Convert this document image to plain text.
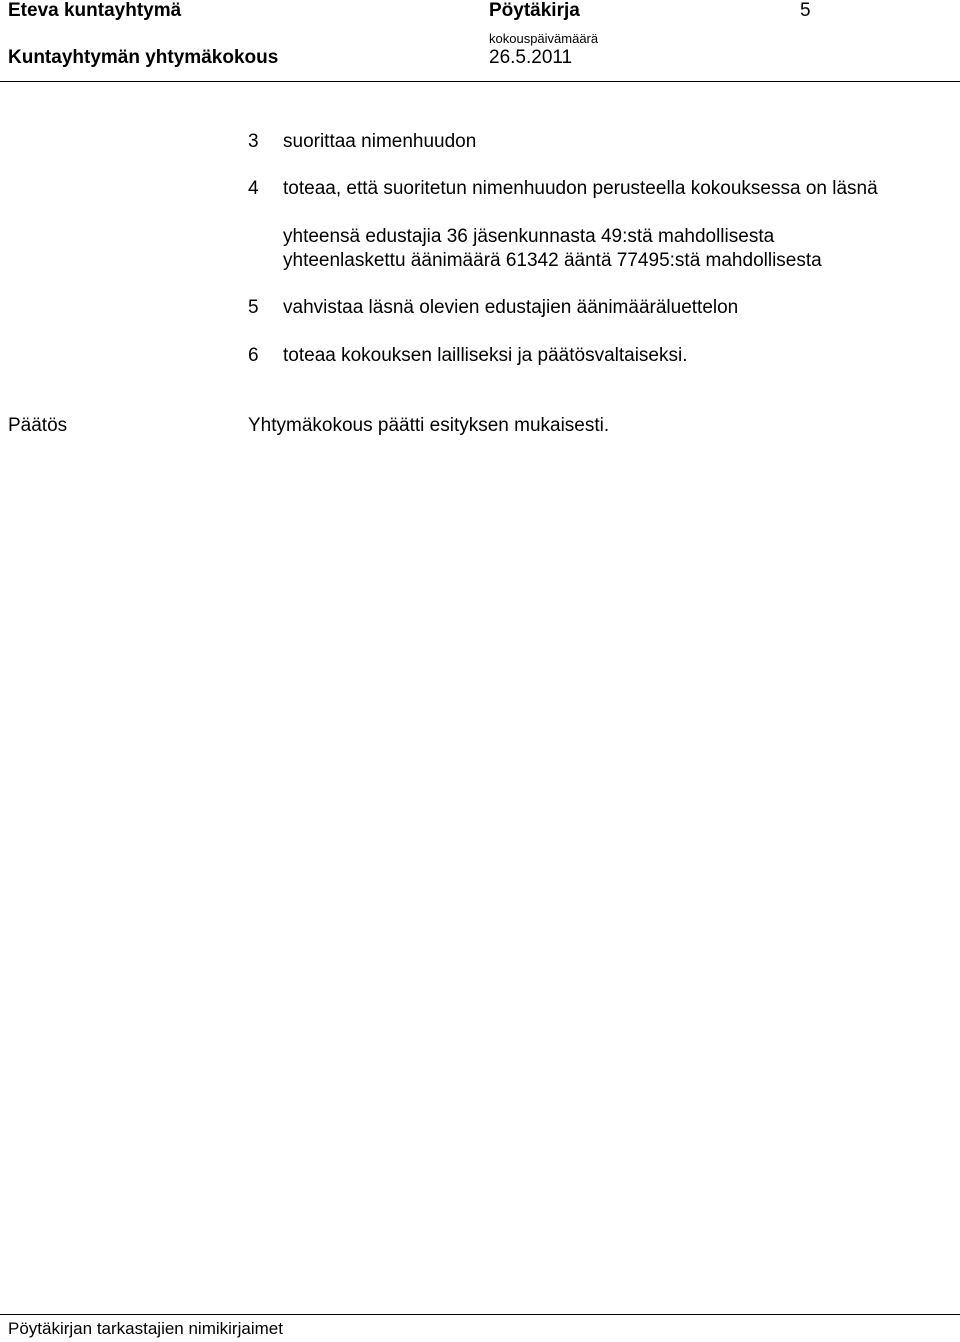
Eteva kuntayhtymä	Pöytäkirja	5
Kuntayhtymän yhtymäkokous
kokouspäivämäärä
26.5.2011
3 suorittaa nimenhuudon
4 toteaa, että suoritetun nimenhuudon perusteella kokouksessa on läsnä
yhteensä edustajia 36 jäsenkunnasta 49:stä mahdollisesta
yhteenlaskettu äänimäärä 61342 ääntä 77495:stä mahdollisesta
5 vahvistaa läsnä olevien edustajien äänimääräluettelon
6 toteaa kokouksen lailliseksi ja päätösvaltaiseksi.
Päätös	Yhtymäkokous päätti esityksen mukaisesti.
Pöytäkirjan tarkastajien nimikirjaimet
